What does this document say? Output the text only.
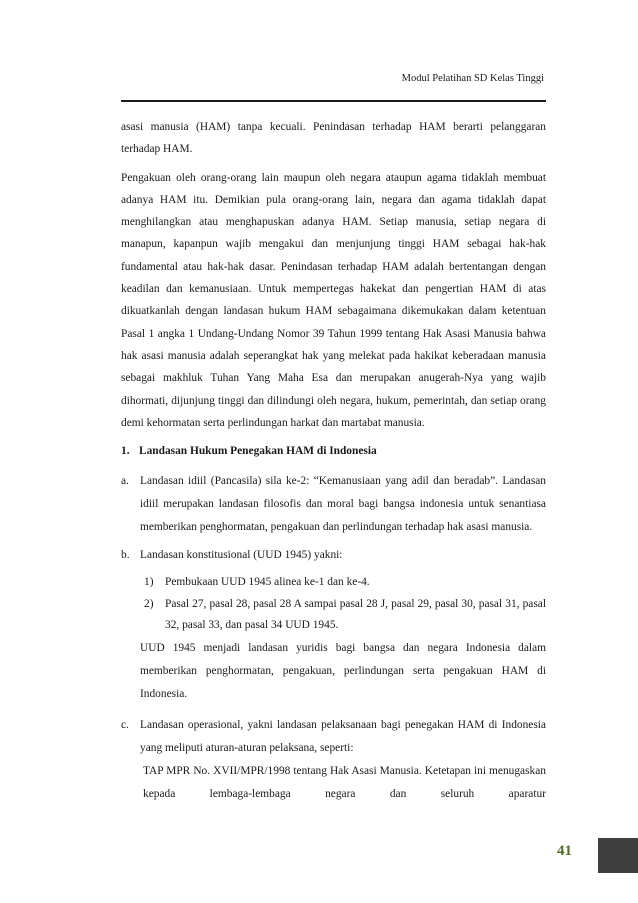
Modul Pelatihan SD Kelas Tinggi

asasi manusia (HAM) tanpa kecuali. Penindasan terhadap HAM berarti pelanggaran terhadap HAM.

Pengakuan oleh orang-orang lain maupun oleh negara ataupun agama tidaklah membuat adanya HAM itu. Demikian pula orang-orang lain, negara dan agama tidaklah dapat menghilangkan atau menghapuskan adanya HAM. Setiap manusia, setiap negara di manapun, kapanpun wajib mengakui dan menjunjung tinggi HAM sebagai hak-hak fundamental atau hak-hak dasar. Penindasan terhadap HAM adalah bertentangan dengan keadilan dan kemanusiaan. Untuk mempertegas hakekat dan pengertian HAM di atas dikuatkanlah dengan landasan hukum HAM sebagaimana dikemukakan dalam ketentuan Pasal 1 angka 1 Undang-Undang Nomor 39 Tahun 1999 tentang Hak Asasi Manusia bahwa hak asasi manusia adalah seperangkat hak yang melekat pada hakikat keberadaan manusia sebagai makhluk Tuhan Yang Maha Esa dan merupakan anugerah-Nya yang wajib dihormati, dijunjung tinggi dan dilindungi oleh negara, hukum, pemerintah, dan setiap orang demi kehormatan serta perlindungan harkat dan martabat manusia.

1. Landasan Hukum Penegakan HAM di Indonesia
a. Landasan idiil (Pancasila) sila ke-2: “Kemanusiaan yang adil dan beradab”. Landasan idiil merupakan landasan filosofis dan moral bagi bangsa indonesia untuk senantiasa memberikan penghormatan, pengakuan dan perlindungan terhadap hak asasi manusia.
b. Landasan konstitusional (UUD 1945) yakni:
1) Pembukaan UUD 1945 alinea ke-1 dan ke-4.
2) Pasal 27, pasal 28, pasal 28 A sampai pasal 28 J, pasal 29, pasal 30, pasal 31, pasal 32, pasal 33, dan pasal 34 UUD 1945.

UUD 1945 menjadi landasan yuridis bagi bangsa dan negara Indonesia dalam memberikan penghormatan, pengakuan, perlindungan serta pengakuan HAM di Indonesia.

c. Landasan operasional, yakni landasan pelaksanaan bagi penegakan HAM di Indonesia yang meliputi aturan-aturan pelaksana, seperti:

TAP MPR No. XVII/MPR/1998 tentang Hak Asasi Manusia. Ketetapan ini menugaskan kepada lembaga-lembaga negara dan seluruh aparatur

41
